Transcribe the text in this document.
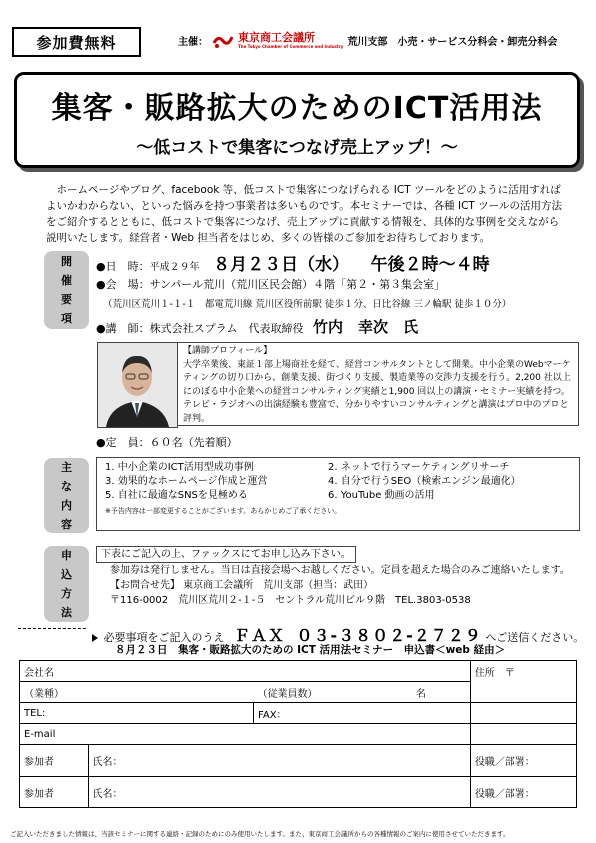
参加費無料	主催：	東京商工会議所
The Tokyo Chamber of Commerce and Industry 荒川支部　小売・サービス分科会・卸売分科会
集客・販路拡大のためのICT活用法
～低コストで集客につなげ売上アップ！～
ホームページやブログ、facebook 等、低コストで集客につなげられる ICT ツールをどのように活用すればよいかわからない、といった悩みを持つ事業者は多いものです。本セミナーでは、各種 ICT ツールの活用方法をご紹介するとともに、低コストで集客につなげ、売上アップに貢献する情報を、具体的な事例を交えながら説明いたします。経営者・Web 担当者をはじめ、多くの皆様のご参加をお待ちしております。
開
催
要
項
●日　時：平成２９年 ８月２３日（水） 午後２時～４時
●会　場：サンパール荒川（荒川区民会館）４階「第２・第３集会室」
（荒川区荒川１-１-１　都電荒川線 荒川区役所前駅 徒歩１分、日比谷線 三ノ輪駅 徒歩１０分）
●講　師：株式会社スプラム　代表取締役 竹内　幸次　氏
【講師プロフィール】
大学卒業後、東証１部上場商社を経て、経営コンサルタントとして開業。中小企業のWebマーケティングの切り口から、創業支援、街づくり支援、製造業等の交渉力支援を行う。2,200 社以上にのぼる中小企業への経営コンサルティング実績と1,900 回以上の講演・セミナー実績を持つ。テレビ・ラジオへの出演経験も豊富で、分かりやすいコンサルティングと講演はプロ中のプロと評判。
●定　員：６０名（先着順）
主
な
内
容
1. 中小企業のICT活用型成功事例	2. ネットで行うマーケティングリサーチ
3. 効果的なホームページ作成と運営	4. 自分で行うSEO（検索エンジン最適化）
5. 自社に最適なSNSを見極める	6. YouTube 動画の活用
※予告内容は一部変更することがございます。あらかじめご了承ください。
申
込
方
法
下表にご記入の上、ファックスにてお申し込み下さい。
参加券は発行しません。当日は直接会場へお越しください。定員を超えた場合のみご連絡いたします。
【お問合せ先】 東京商工会議所　荒川支部（担当：武田）
〒116-0002　荒川区荒川２-１-５　セントラル荒川ビル９階　TEL.3803-0538
必要事項をご記入のうえ ＦＡＸ ０３-３８０２-２７２９ へご送信ください。
８月２３日　集客・販路拡大のための ICT 活用法セミナー　申込書＜web 経由＞
会社名			住所　〒
（業種）		（従業員数） 名	

TEL:		FAX：	
E-mail			
参加者	氏名：		役職／部署：
参加者	氏名：		役職／部署：
ご記入いただきました情報は、当該セミナーに関する連絡・記録のためにのみ使用いたします。また、東京商工会議所からの各種情報のご案内に使用させていただきます。
